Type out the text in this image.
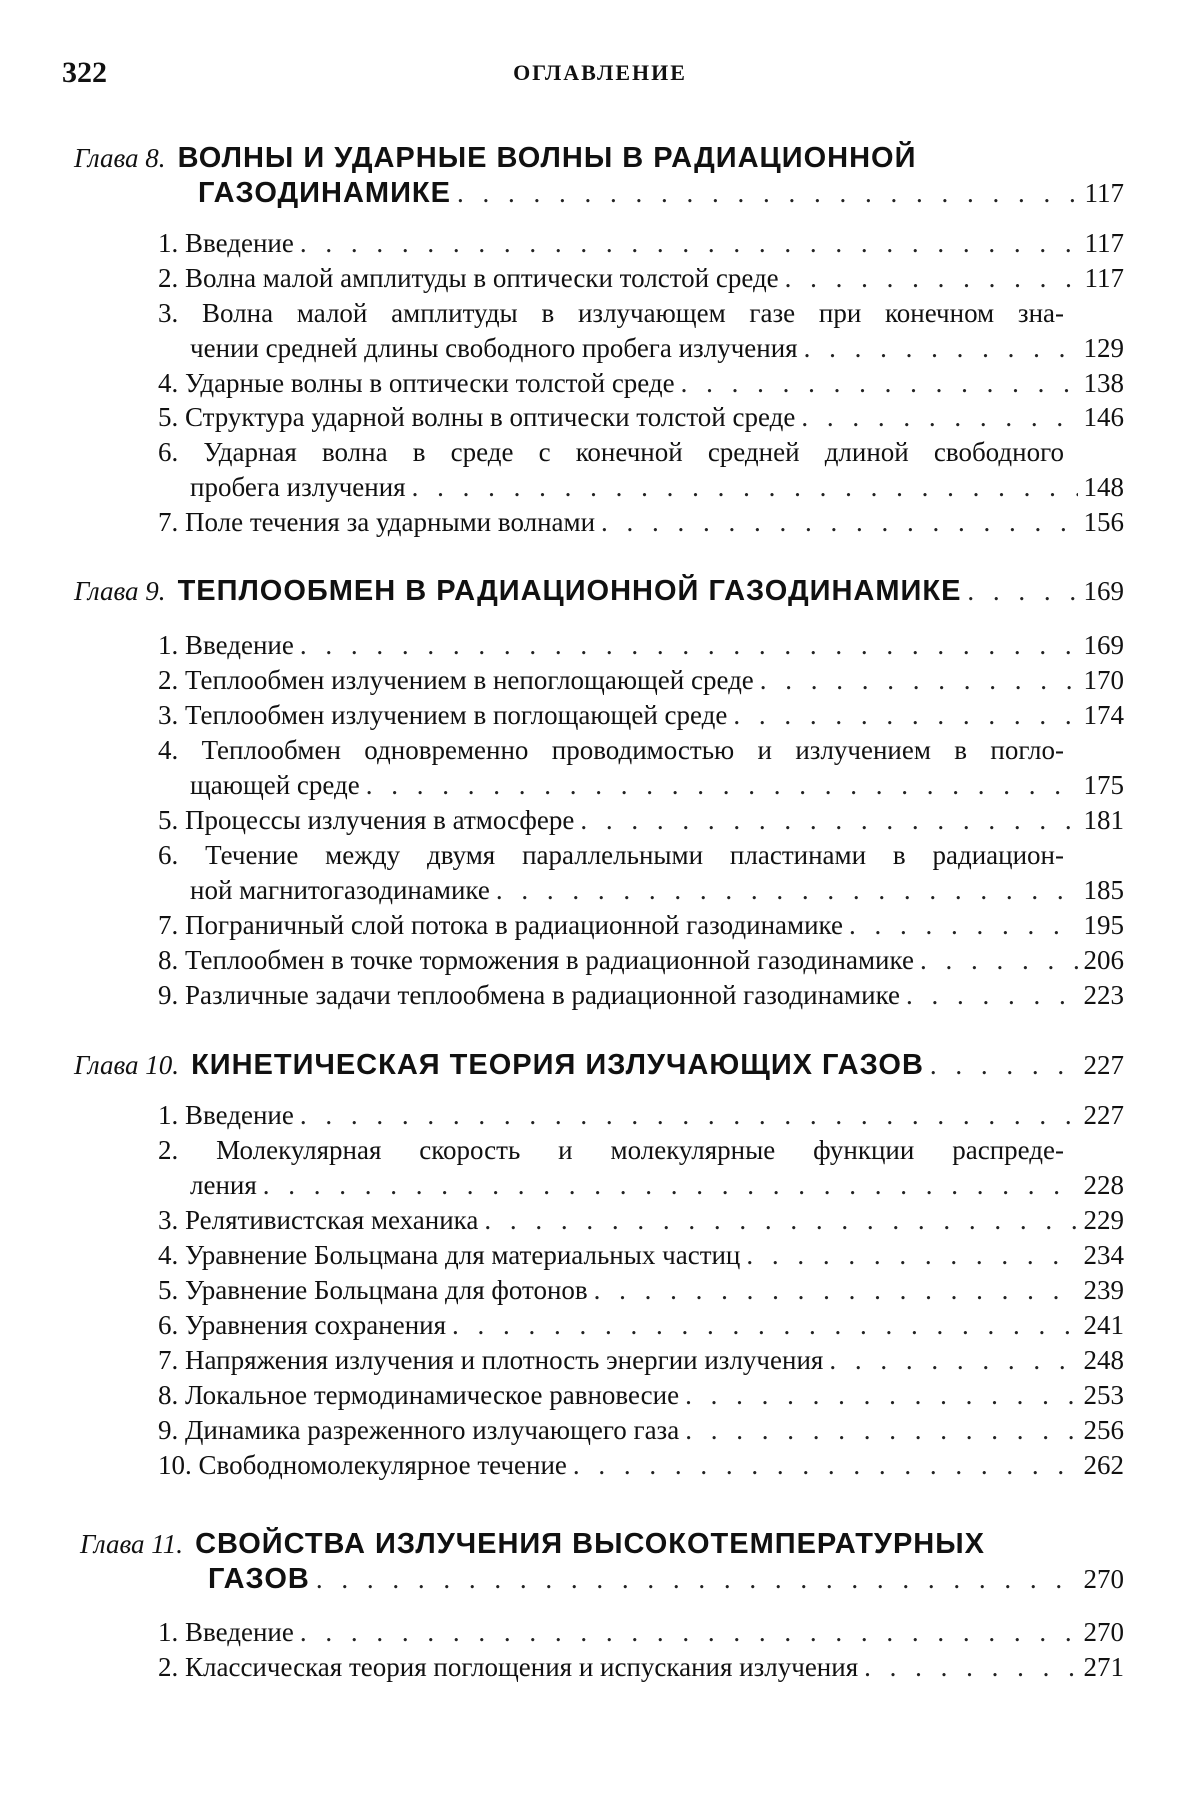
322	ОГЛАВЛЕНИЕ
Глава 8. ВОЛНЫ И УДАРНЫЕ ВОЛНЫ В РАДИАЦИОННОЙ
ГАЗОДИНАМИКЕ
. . .	117
1. Введение
. . .	117
2. Волна малой амплитуды в оптически толстой среде
. . .	117
3. Волна малой амплитуды в излучающем газе при конечном зна-
чении средней длины свободного пробега излучения
. . .	129
4. Ударные волны в оптически толстой среде
. . .	138
5. Структура ударной волны в оптически толстой среде
. . .	146
6. Ударная волна в среде с конечной средней длиной свободного
пробега излучения
. . .	148
7. Поле течения за ударными волнами
. . .	156
Глава 9. ТЕПЛООБМЕН В РАДИАЦИОННОЙ ГАЗОДИНАМИКЕ
. . .	169
1. Введение
. . .	169
2. Теплообмен излучением в непоглощающей среде
. . .	170
3. Теплообмен излучением в поглощающей среде
. . .	174
4. Теплообмен одновременно проводимостью и излучением в погло-
щающей среде
. . .	175
5. Процессы излучения в атмосфере
. . .	181
6. Течение между двумя параллельными пластинами в радиацион-
ной магнитогазодинамике
. . .	185
7. Пограничный слой потока в радиационной газодинамике
. . .	195
8. Теплообмен в точке торможения в радиационной газодинамике
. . .	206
9. Различные задачи теплообмена в радиационной газодинамике
. . .	223
Глава 10. КИНЕТИЧЕСКАЯ ТЕОРИЯ ИЗЛУЧАЮЩИХ ГАЗОВ
. . .	227
1. Введение
. . .	227
2. Молекулярная скорость и молекулярные функции распреде-
ления
. . .	228
3. Релятивистская механика
. . .	229
4. Уравнение Больцмана для материальных частиц
. . .	234
5. Уравнение Больцмана для фотонов
. . .	239
6. Уравнения сохранения
. . .	241
7. Напряжения излучения и плотность энергии излучения
. . .	248
8. Локальное термодинамическое равновесие
. . .	253
9. Динамика разреженного излучающего газа
. . .	256
10. Свободномолекулярное течение
. . .	262
Глава 11. СВОЙСТВА ИЗЛУЧЕНИЯ ВЫСОКОТЕМПЕРАТУРНЫХ
ГАЗОВ
. . .	270
1. Введение
. . .	270
2. Классическая теория поглощения и испускания излучения
. . .	271
